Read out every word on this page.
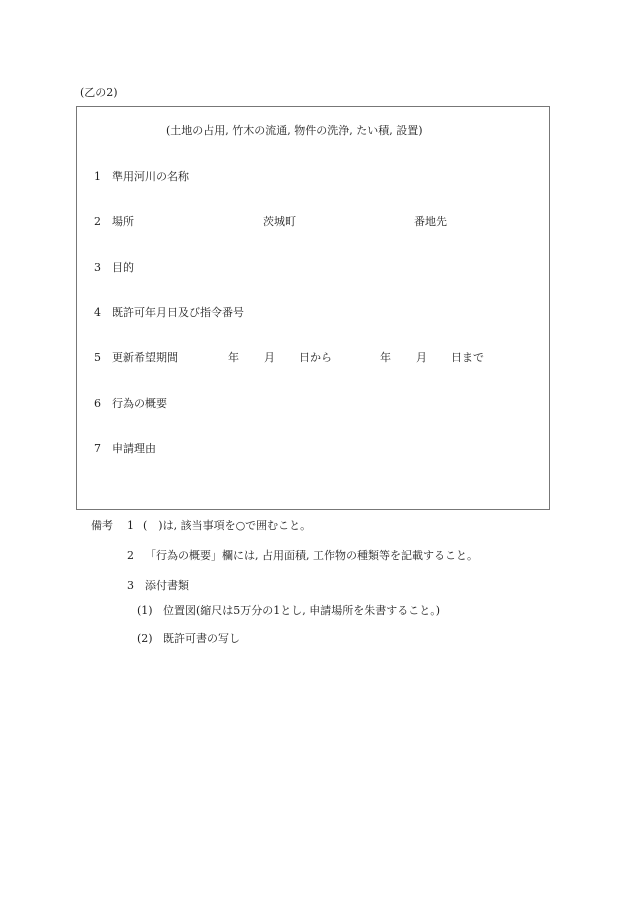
(乙の2)
(土地の占用, 竹木の流通, 物件の洗浄, たい積, 設置)
1 準用河川の名称
2 場所	茨城町	番地先
3 目的
4 既許可年月日及び指令番号
5 更新希望期間	年 月 日から	年 月 日まで
6 行為の概要
7 申請理由
備考 1 (　)は, 該当事項を○で囲むこと。
2 「行為の概要」欄には, 占用面積, 工作物の種類等を記載すること。
3 添付書類
(1) 位置図(縮尺は5万分の1とし, 申請場所を朱書すること。)
(2) 既許可書の写し
